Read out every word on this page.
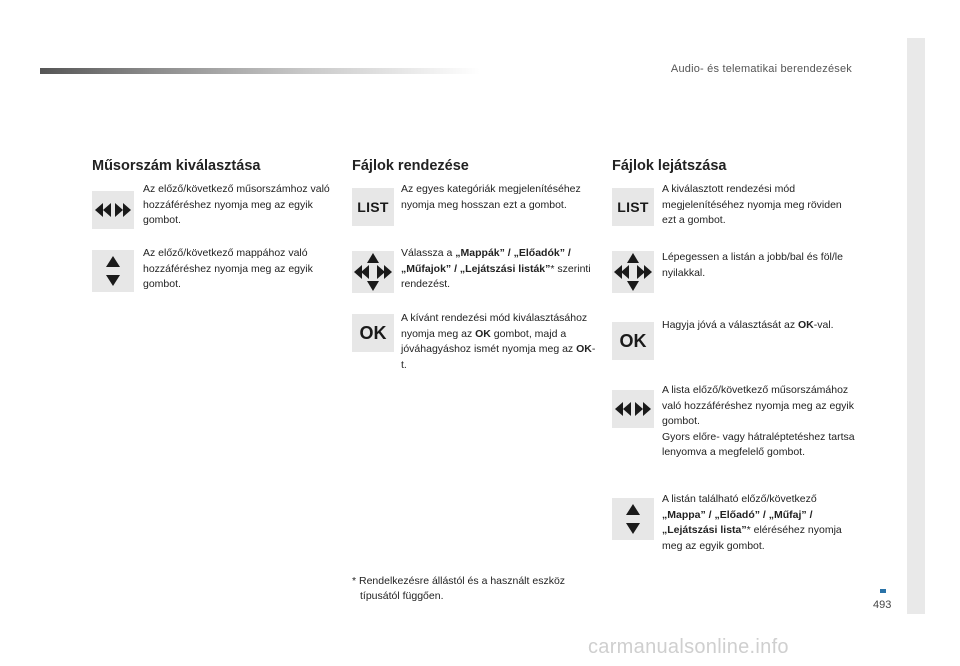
Audio- és telematikai berendezések
493
Műsorszám kiválasztása
Az előző/következő műsorszámhoz való hozzáféréshez nyomja meg az egyik gombot.
Az előző/következő mappához való hozzáféréshez nyomja meg az egyik gombot.
Fájlok rendezése
LIST
Az egyes kategóriák megjelenítéséhez nyomja meg hosszan ezt a gombot.
Válassza a „Mappák” / „Előadók” / „Műfajok” / „Lejátszási listák”* szerinti rendezést.
OK
A kívánt rendezési mód kiválasztásához nyomja meg az OK gombot, majd a jóváhagyáshoz ismét nyomja meg az OK-t.
Fájlok lejátszása
LIST
A kiválasztott rendezési mód megjelenítéséhez nyomja meg röviden ezt a gombot.
Lépegessen a listán a jobb/bal és föl/le nyilakkal.
OK
Hagyja jóvá a választását az OK-val.
A lista előző/következő műsorszámához való hozzáféréshez nyomja meg az egyik gombot.
Gyors előre- vagy hátraléptetéshez tartsa lenyomva a megfelelő gombot.
A listán található előző/következő „Mappa” / „Előadó” / „Műfaj” / „Lejátszási lista”* eléréséhez nyomja meg az egyik gombot.
* Rendelkezésre állástól és a használt eszköz
típusától függően.
carmanualsonline.info
